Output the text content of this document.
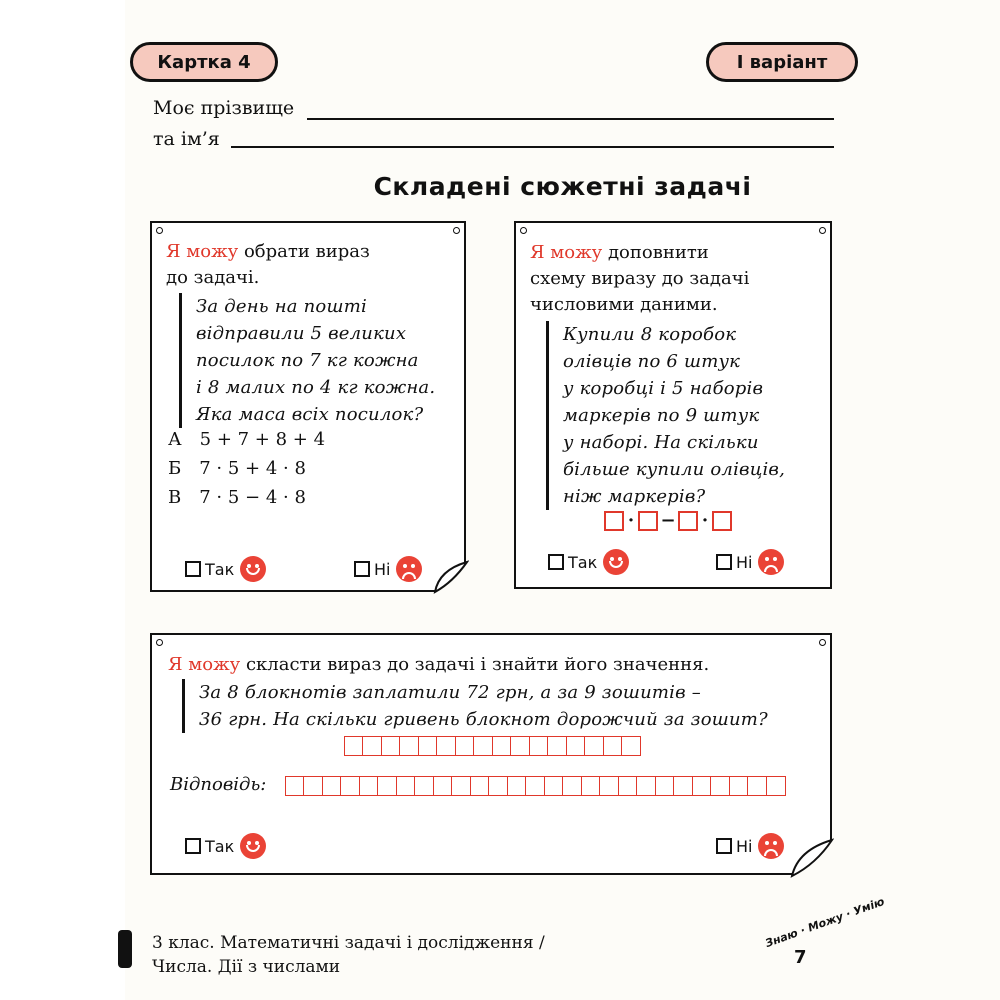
Картка 4	І варіант
Моє прізвище
та ім’я
Складені сюжетні задачі
Я можу обрати вираз
до задачі.
За день на пошті
відправили 5 великих
посилок по 7 кг кожна
і 8 малих по 4 кг кожна.
Яка маса всіх посилок?
А 5 + 7 + 8 + 4
Б 7 · 5 + 4 · 8
В 7 · 5 − 4 · 8
Так	Ні
Я можу доповнити
схему виразу до задачі
числовими даними.
Купили 8 коробок
олівців по 6 штук
у коробці і 5 наборів
маркерів по 9 штук
у наборі. На скільки
більше купили олівців,
ніж маркерів?
· − ·
Так	Ні
Я можу скласти вираз до задачі і знайти його значення.
За 8 блокнотів заплатили 72 грн, а за 9 зошитів –
36 грн. На скільки гривень блокнот дорожчий за зошит?
Відповідь:
Так	Ні
3 клас. Математичні задачі і дослідження /
Числа. Дії з числами
Знаю · Можу · Умію
7
